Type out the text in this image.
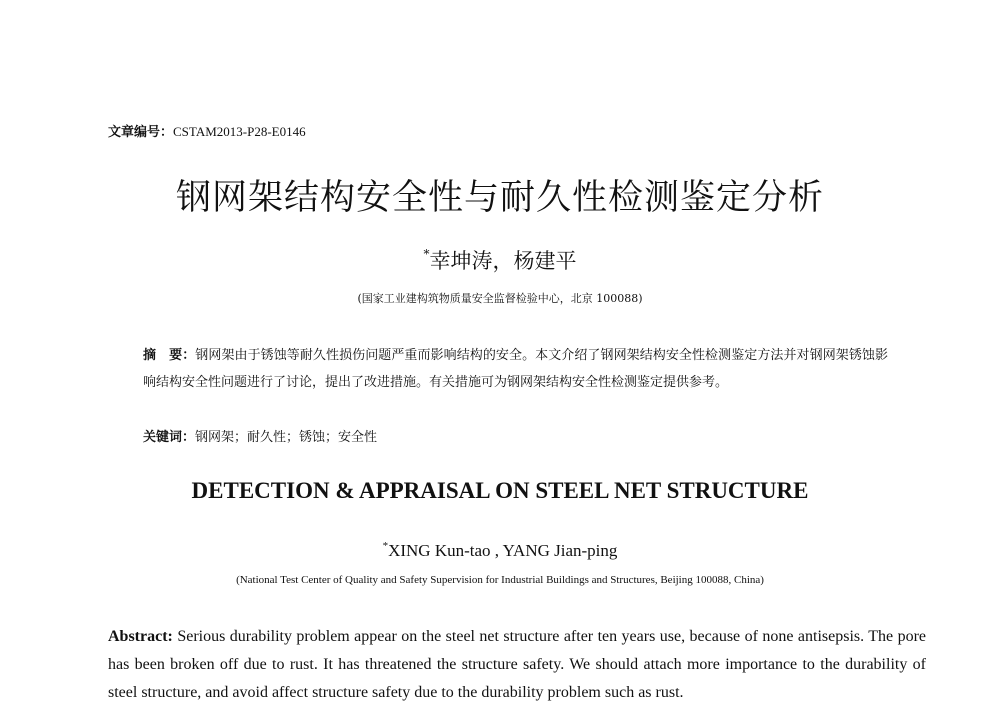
文章编号：CSTAM2013-P28-E0146
钢网架结构安全性与耐久性检测鉴定分析
*幸坤涛，杨建平
(国家工业建构筑物质量安全监督检验中心，北京 100088)
摘　要：钢网架由于锈蚀等耐久性损伤问题严重而影响结构的安全。本文介绍了钢网架结构安全性检测鉴定方法并对钢网架锈蚀影响结构安全性问题进行了讨论，提出了改进措施。有关措施可为钢网架结构安全性检测鉴定提供参考。
关键词：钢网架；耐久性；锈蚀；安全性
DETECTION & APPRAISAL ON STEEL NET STRUCTURE
*XING Kun-tao , YANG Jian-ping
(National Test Center of Quality and Safety Supervision for Industrial Buildings and Structures, Beijing 100088, China)
Abstract: Serious durability problem appear on the steel net structure after ten years use, because of none antisepsis. The pore has been broken off due to rust. It has threatened the structure safety. We should attach more importance to the durability of steel structure, and avoid affect structure safety due to the durability problem such as rust.
